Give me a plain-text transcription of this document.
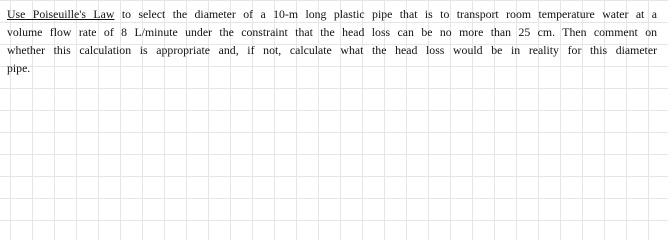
Use Poiseuille's Law to select the diameter of a 10-m long plastic pipe that is to transport room temperature water at a
volume flow rate of 8 L/minute under the constraint that the head loss can be no more than 25 cm. Then comment on
whether this calculation is appropriate and, if not, calculate what the head loss would be in reality for this diameter
pipe.
